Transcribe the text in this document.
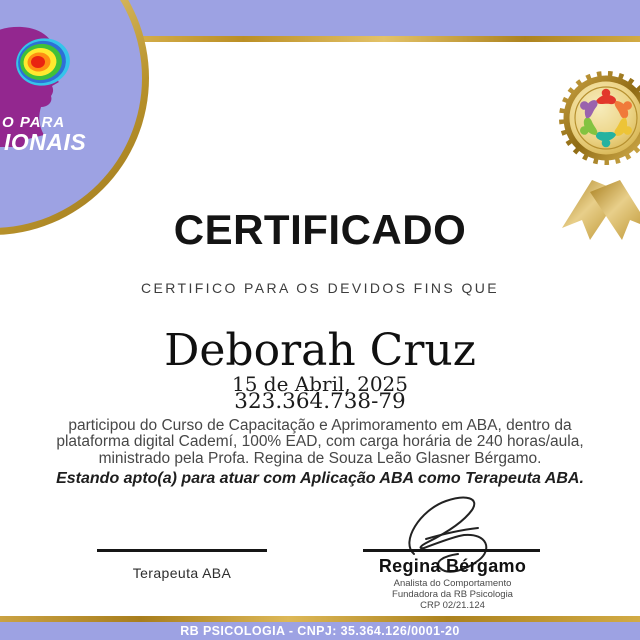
O PARA
IONAIS
CERTIFICADO
CERTIFICO PARA OS DEVIDOS FINS QUE
Deborah Cruz
15 de Abril, 2025
323.364.738-79
participou do Curso de Capacitação e Aprimoramento em ABA, dentro da
plataforma digital Cademí, 100% EAD, com carga horária de 240 horas/aula,
ministrado pela Profa. Regina de Souza Leão Glasner Bérgamo.
Estando apto(a) para atuar com Aplicação ABA como Terapeuta ABA.
Terapeuta ABA	Regina Bérgamo
Analista do Comportamento
Fundadora da RB Psicologia
CRP 02/21.124
RB PSICOLOGIA - CNPJ: 35.364.126/0001-20
